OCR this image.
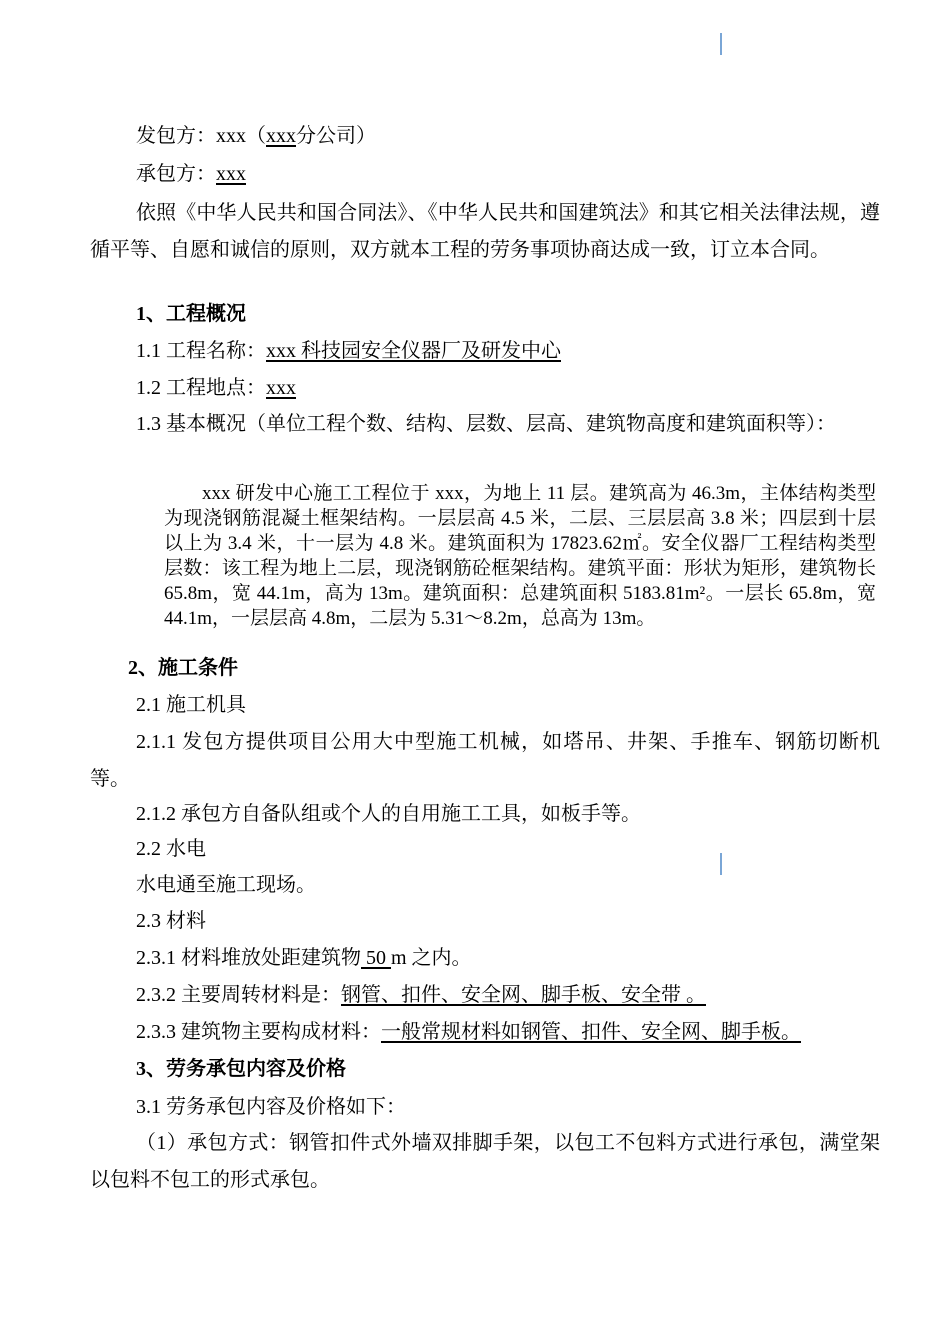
发包方：xxx（xxx分公司）

承包方：xxx

依照《中华人民共和国合同法》、《中华人民共和国建筑法》和其它相关法律法规，遵循平等、自愿和诚信的原则，双方就本工程的劳务事项协商达成一致，订立本合同。

1、工程概况

1.1 工程名称：xxx 科技园安全仪器厂及研发中心

1.2 工程地点：xxx

1.3 基本概况（单位工程个数、结构、层数、层高、建筑物高度和建筑面积等）：

xxx 研发中心施工工程位于 xxx，为地上 11 层。建筑高为 46.3m，主体结构类型为现浇钢筋混凝土框架结构。一层层高 4.5 米，二层、三层层高 3.8 米；四层到十层以上为 3.4 米，十一层为 4.8 米。建筑面积为 17823.62㎡。安全仪器厂工程结构类型层数：该工程为地上二层，现浇钢筋砼框架结构。建筑平面：形状为矩形，建筑物长 65.8m，宽 44.1m，高为 13m。建筑面积：总建筑面积 5183.81m²。一层长 65.8m，宽 44.1m，一层层高 4.8m，二层为 5.31～8.2m，总高为 13m。

2、施工条件

2.1 施工机具

2.1.1 发包方提供项目公用大中型施工机械，如塔吊、井架、手推车、钢筋切断机等。

2.1.2 承包方自备队组或个人的自用施工工具，如板手等。

2.2 水电

水电通至施工现场。

2.3 材料

2.3.1 材料堆放处距建筑物 50 m 之内。

2.3.2 主要周转材料是：钢管、扣件、安全网、脚手板、安全带 。

2.3.3 建筑物主要构成材料：一般常规材料如钢管、扣件、安全网、脚手板。

3、劳务承包内容及价格

3.1 劳务承包内容及价格如下：

（1）承包方式：钢管扣件式外墙双排脚手架，以包工不包料方式进行承包，满堂架以包料不包工的形式承包。
